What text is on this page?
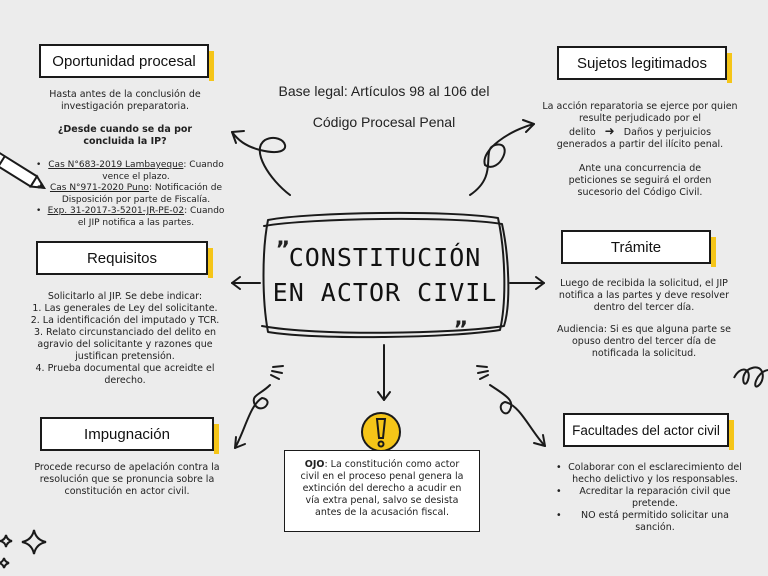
CONSTITUCIÓN
EN ACTOR CIVIL
„
„
Base legal: Artículos 98 al 106 del
Código Procesal Penal
Oportunidad procesal
Hasta antes de la conclusión de investigación preparatoria.
¿Desde cuando se da por concluida la IP?
• Cas N°683-2019 Lambayeque: Cuando vence el plazo.
• Cas N°971-2020 Puno: Notificación de Disposición por parte de Fiscalía.
• Exp. 31-2017-3-5201-JR-PE-02: Cuando el JIP notifica a las partes.
Requisitos
Solicitarlo al JIP. Se debe indicar:
1. Las generales de Ley del solicitante.
2. La identificación del imputado y TCR.
3. Relato circunstanciado del delito en agravio del solicitante y razones que justifican pretensión.
4. Prueba documental que acreidte el derecho.
Impugnación
Procede recurso de apelación contra la resolución que se pronuncia sobre la constitución en actor civil.
OJO: La constitución como actor civil en el proceso penal genera la extinción del derecho a acudir en vía extra penal, salvo se desista antes de la acusación fiscal.
Sujetos legitimados
La acción reparatoria se ejerce por quien resulte perjudicado por el
delito ➜ Daños y perjuicios
generados a partir del ilícito penal.
Ante una concurrencia de peticiones se seguirá el orden sucesorio del Código Civil.
Trámite
Luego de recibida la solicitud, el JIP notifica a las partes y deve resolver dentro del tercer día.
Audiencia: Si es que alguna parte se opuso dentro del tercer día de notificada la solicitud.
Facultades del actor civil
• Colaborar con el esclarecimiento del hecho delictivo y los responsables.
• Acreditar la reparación civil que pretende.
• NO está permitido solicitar una sanción.
